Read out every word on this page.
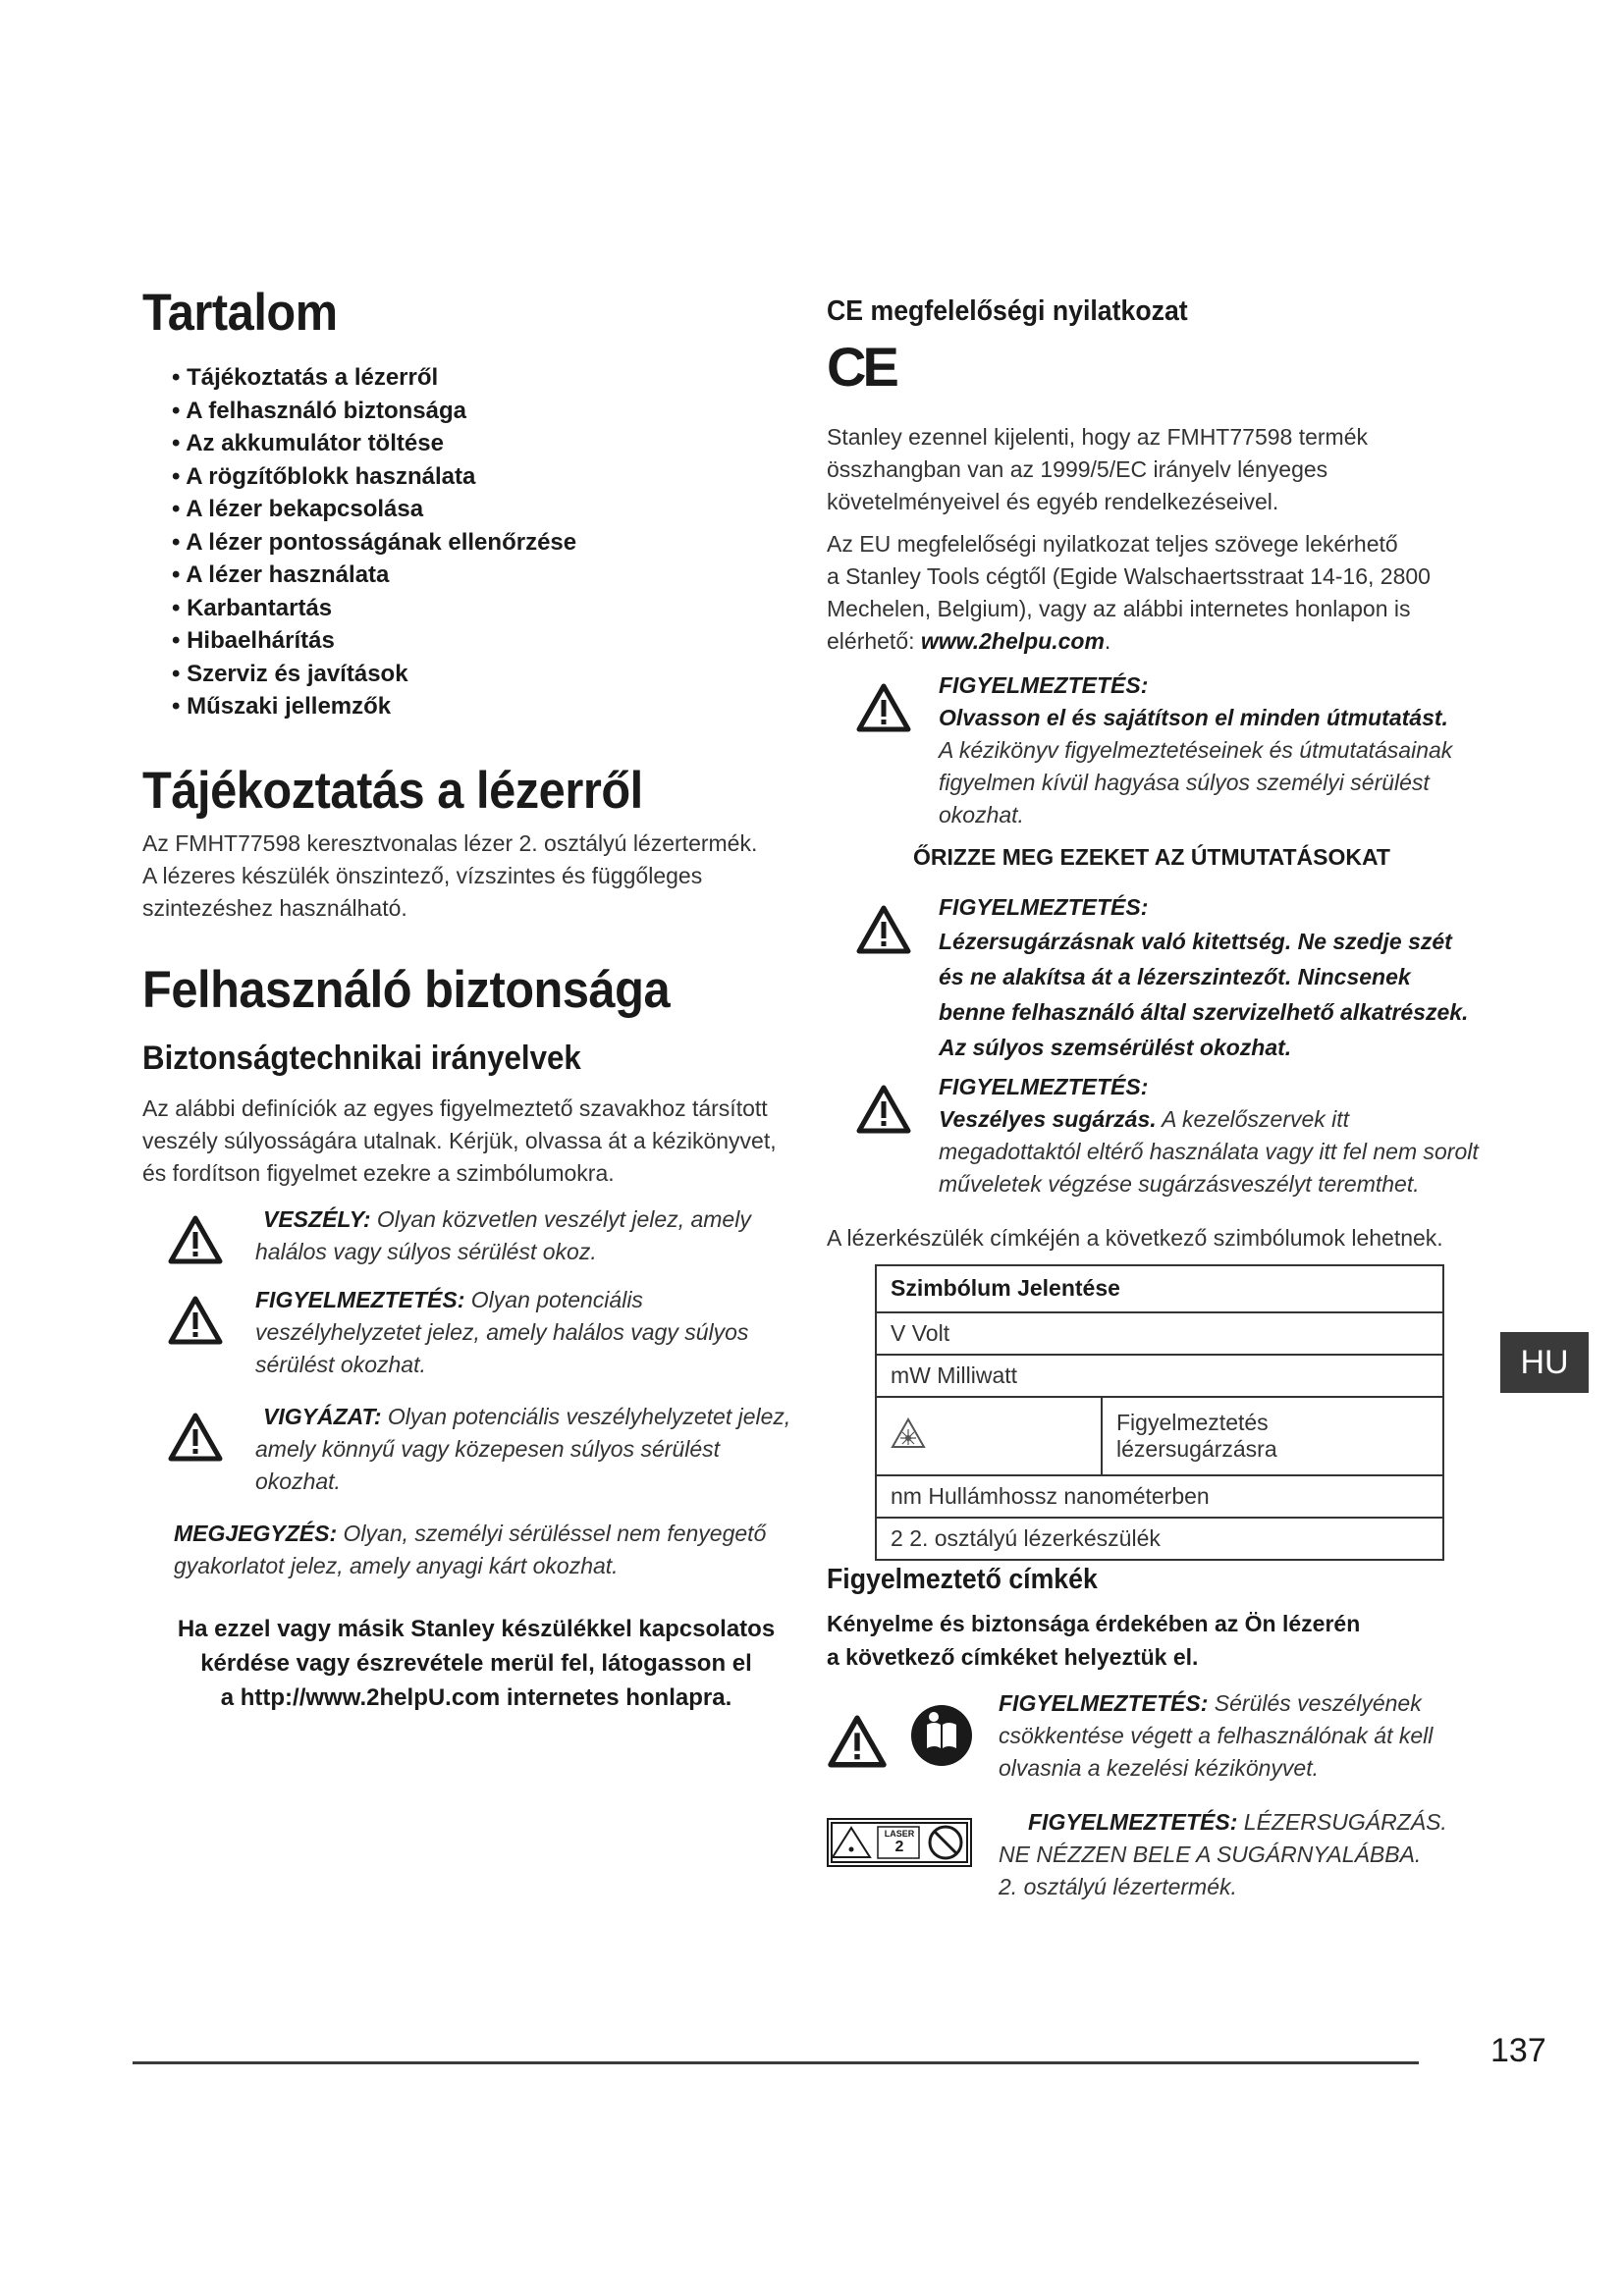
Tartalom
• Tájékoztatás a lézerről
• A felhasználó biztonsága
• Az akkumulátor töltése
• A rögzítőblokk használata
• A lézer bekapcsolása
• A lézer pontosságának ellenőrzése
• A lézer használata
• Karbantartás
• Hibaelhárítás
• Szerviz és javítások
• Műszaki jellemzők
Tájékoztatás a lézerről

Az FMHT77598 keresztvonalas lézer 2. osztályú lézertermék.

A lézeres készülék önszintező, vízszintes és függőleges

szintezéshez használható.

Felhasználó biztonsága
Biztonságtechnikai irányelvek

Az alábbi definíciók az egyes figyelmeztető szavakhoz társított

veszély súlyosságára utalnak. Kérjük, olvassa át a kézikönyvet,

és fordítson figyelmet ezekre a szimbólumokra.

VESZÉLY: Olyan közvetlen veszélyt jelez, amely
halálos vagy súlyos sérülést okoz.
FIGYELMEZTETÉS: Olyan potenciális
veszélyhelyzetet jelez, amely halálos vagy súlyos
sérülést okozhat.
VIGYÁZAT: Olyan potenciális veszélyhelyzetet jelez,
amely könnyű vagy közepesen súlyos sérülést
okozhat.
MEGJEGYZÉS: Olyan, személyi sérüléssel nem fenyegető
gyakorlatot jelez, amely anyagi kárt okozhat.
Ha ezzel vagy másik Stanley készülékkel kapcsolatos
kérdése vagy észrevétele merül fel, látogasson el
a http://www.2helpU.com internetes honlapra.
CE megfelelőségi nyilatkozat
CE

Stanley ezennel kijelenti, hogy az FMHT77598 termék

összhangban van az 1999/5/EC irányelv lényeges

követelményeivel és egyéb rendelkezéseivel.

Az EU megfelelőségi nyilatkozat teljes szövege lekérhető

a Stanley Tools cégtől (Egide Walschaertsstraat 14-16, 2800

Mechelen, Belgium), vagy az alábbi internetes honlapon is

elérhető: www.2helpu.com.

FIGYELMEZTETÉS:
Olvasson el és sajátítson el minden útmutatást.
A kézikönyv figyelmeztetéseinek és útmutatásainak
figyelmen kívül hagyása súlyos személyi sérülést
okozhat.
ŐRIZZE MEG EZEKET AZ ÚTMUTATÁSOKAT
FIGYELMEZTETÉS:
Lézersugárzásnak való kitettség. Ne szedje szét
és ne alakítsa át a lézerszintezőt. Nincsenek
benne felhasználó által szervizelhető alkatrészek.
Az súlyos szemsérülést okozhat.
FIGYELMEZTETÉS:
Veszélyes sugárzás. A kezelőszervek itt
megadottaktól eltérő használata vagy itt fel nem sorolt
műveletek végzése sugárzásveszélyt teremthet.

A lézerkészülék címkéjén a következő szimbólumok lehetnek.

Szimbólum Jelentése
V Volt
mW Milliwatt

Figyelmeztetés
lézersugárzásra

nm Hullámhossz nanométerben
2 2. osztályú lézerkészülék
Figyelmeztető címkék
Kényelme és biztonsága érdekében az Ön lézerén
a következő címkéket helyeztük el.
FIGYELMEZTETÉS: Sérülés veszélyének
csökkentése végett a felhasználónak át kell
olvasnia a kezelési kézikönyvet.
LASER
2
FIGYELMEZTETÉS: LÉZERSUGÁRZÁS.
NE NÉZZEN BELE A SUGÁRNYALÁBBA.
2. osztályú lézertermék.
HU
137
